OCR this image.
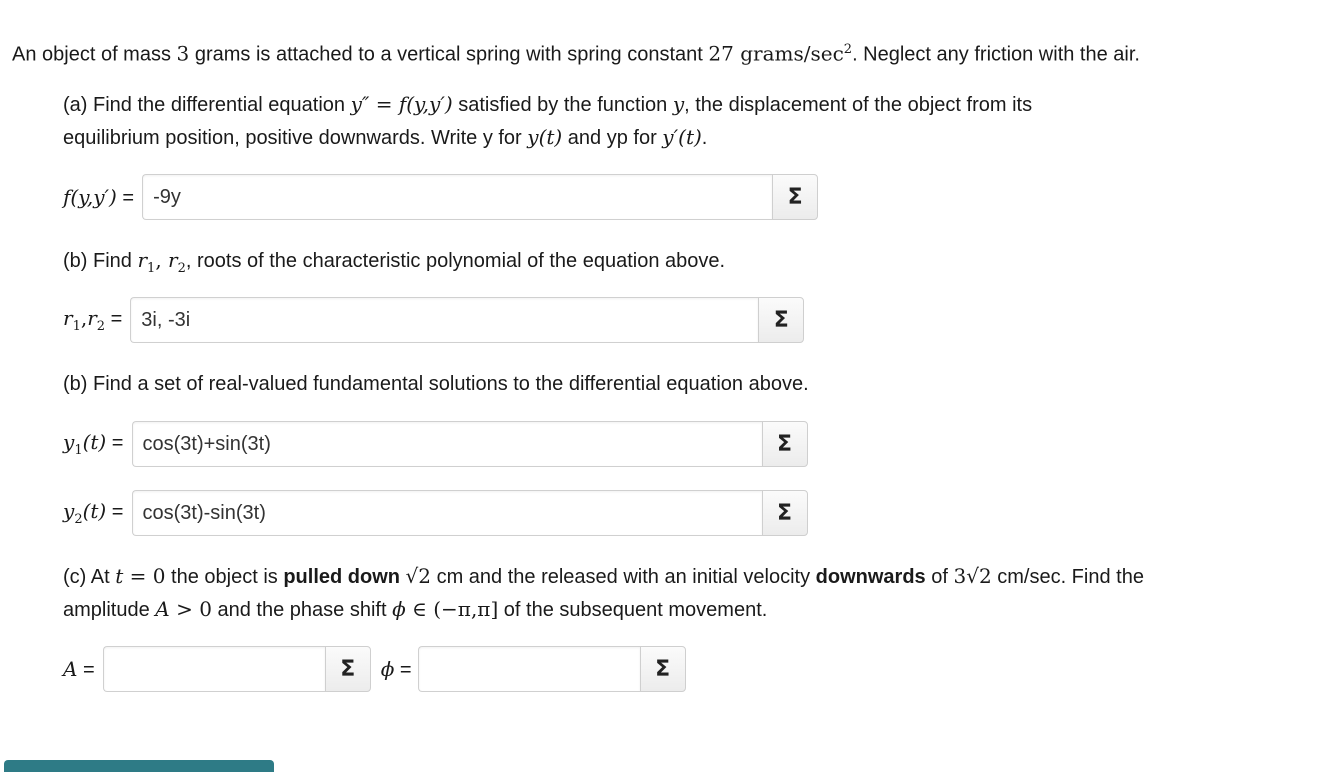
An object of mass 3 grams is attached to a vertical spring with spring constant 27 grams/$\sec^2$. Neglect any friction with the air.
(a) Find the differential equation y″ = f(y,y′) satisfied by the function y, the displacement of the object from its
equilibrium position, positive downwards. Write y for y(t) and yp for y′(t).
f(y,y′) =
-9y	Σ
(b) Find $r_1$, $r_2$, roots of the characteristic polynomial of the equation above.
$r_1,r_2$ =
3i, -3i	Σ
(b) Find a set of real-valued fundamental solutions to the differential equation above.
$y_1(t)$ =
cos(3t)+sin(3t)	Σ
$y_2(t)$ =
cos(3t)-sin(3t)	Σ
(c) At t = 0 the object is pulled down √2 cm and the released with an initial velocity downwards of 3√2 cm/sec. Find the
amplitude A > 0 and the phase shift ϕ ∈ (−π,π] of the subsequent movement.
A =	Σ ϕ =	Σ
